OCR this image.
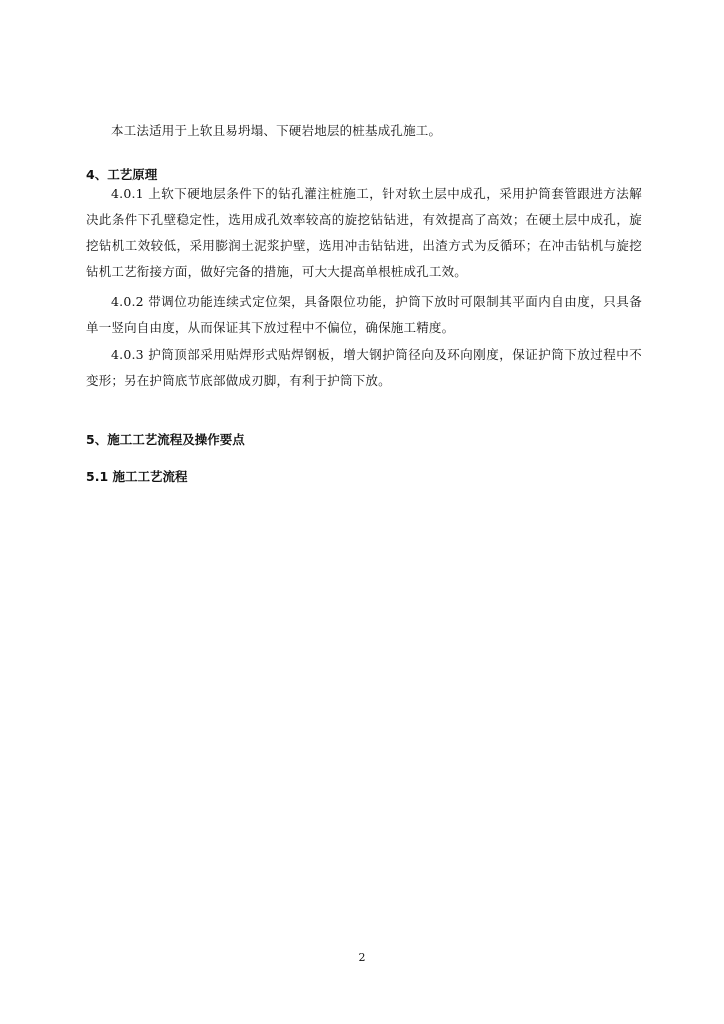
本工法适用于上软且易坍塌、下硬岩地层的桩基成孔施工。

4、工艺原理

4.0.1 上软下硬地层条件下的钻孔灌注桩施工，针对软土层中成孔，采用护筒套管跟进方法解决此条件下孔壁稳定性，选用成孔效率较高的旋挖钻钻进，有效提高了高效；在硬土层中成孔，旋挖钻机工效较低，采用膨润土泥浆护壁，选用冲击钻钻进，出渣方式为反循环；在冲击钻机与旋挖钻机工艺衔接方面，做好完备的措施，可大大提高单根桩成孔工效。

4.0.2 带调位功能连续式定位架，具备限位功能，护筒下放时可限制其平面内自由度，只具备单一竖向自由度，从而保证其下放过程中不偏位，确保施工精度。

4.0.3 护筒顶部采用贴焊形式贴焊钢板，增大钢护筒径向及环向刚度，保证护筒下放过程中不变形；另在护筒底节底部做成刃脚，有利于护筒下放。

5、施工工艺流程及操作要点
5.1 施工工艺流程

2
